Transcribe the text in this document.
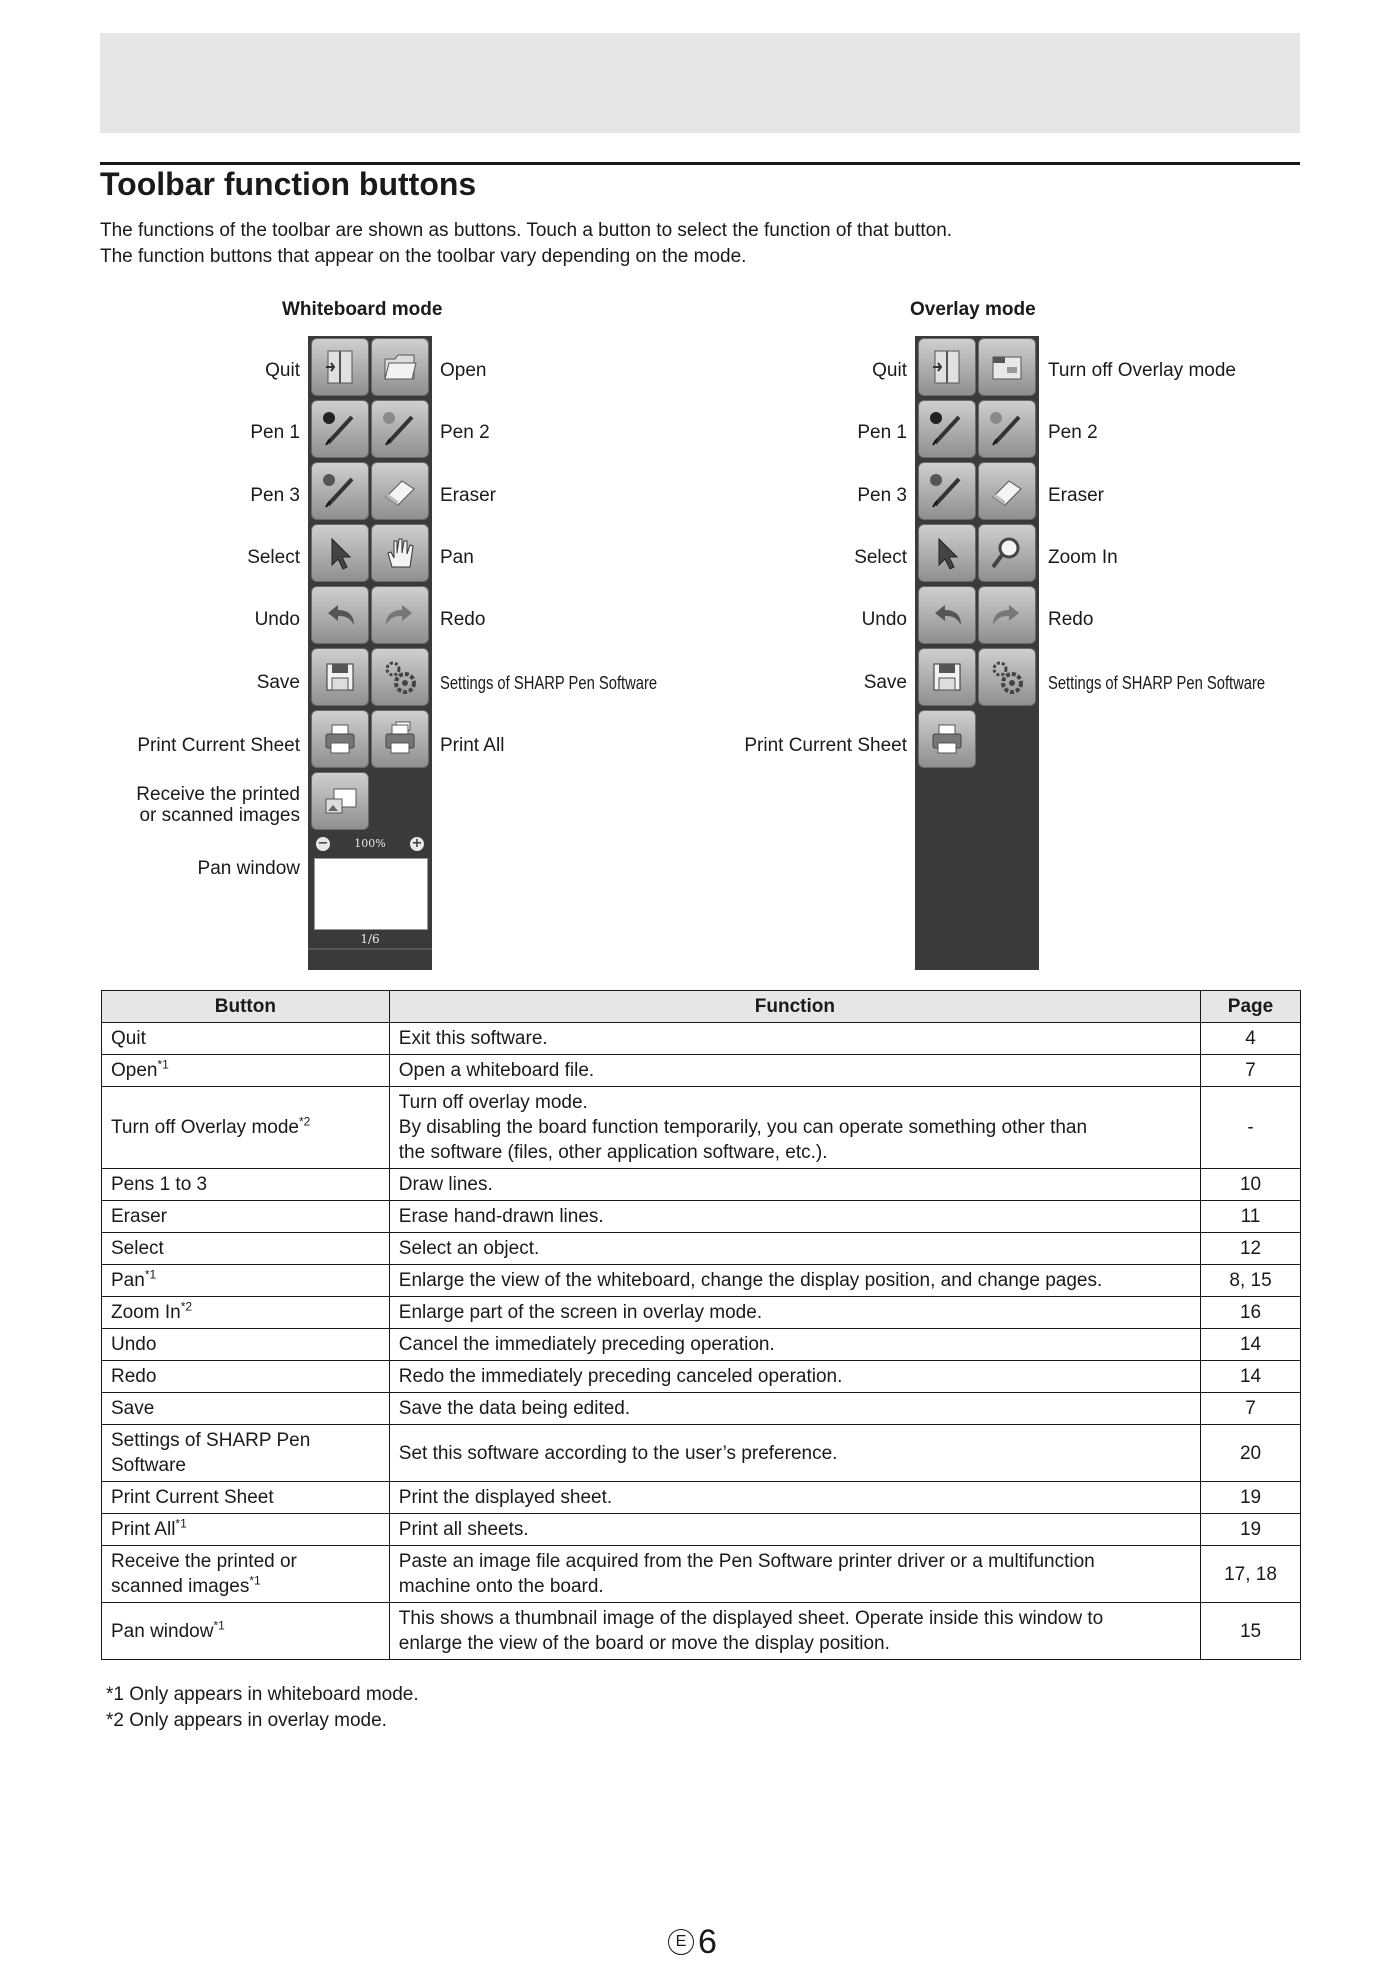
Toolbar function buttons
The functions of the toolbar are shown as buttons. Touch a button to select the function of that button.
The function buttons that appear on the toolbar vary depending on the mode.
Whiteboard mode
Quit	Open
Pen 1	Pen 2
Pen 3	Eraser
Select	Pan
Undo	Redo
Save	Settings of SHARP Pen Software
Print Current Sheet	Print All
Receive the printed
or scanned images
Pan window
− 100% +
1/6
Overlay mode
Quit	Turn off Overlay mode
Pen 1	Pen 2
Pen 3	Eraser
Select	Zoom In
Undo	Redo
Save	Settings of SHARP Pen Software
Print Current Sheet
Button	Function	Page
Quit	Exit this software.	4
Open$^{*1}$	Open a whiteboard file.	7
Turn off Overlay mode$^{*2}$	Turn off overlay mode.
By disabling the board function temporarily, you can operate something other than
the software (files, other application software, etc.).	-
Pens 1 to 3	Draw lines.	10
Eraser	Erase hand-drawn lines.	11
Select	Select an object.	12
Pan$^{*1}$	Enlarge the view of the whiteboard, change the display position, and change pages.	8, 15
Zoom In$^{*2}$	Enlarge part of the screen in overlay mode.	16
Undo	Cancel the immediately preceding operation.	14
Redo	Redo the immediately preceding canceled operation.	14
Save	Save the data being edited.	7
Settings of SHARP Pen
Software	Set this software according to the user’s preference.	20
Print Current Sheet	Print the displayed sheet.	19
Print All$^{*1}$	Print all sheets.	19
Receive the printed or
scanned images$^{*1}$	Paste an image file acquired from the Pen Software printer driver or a multifunction
machine onto the board.	17, 18
Pan window$^{*1}$	This shows a thumbnail image of the displayed sheet. Operate inside this window to
enlarge the view of the board or move the display position.	15
*1 Only appears in whiteboard mode.
*2 Only appears in overlay mode.
E 6
